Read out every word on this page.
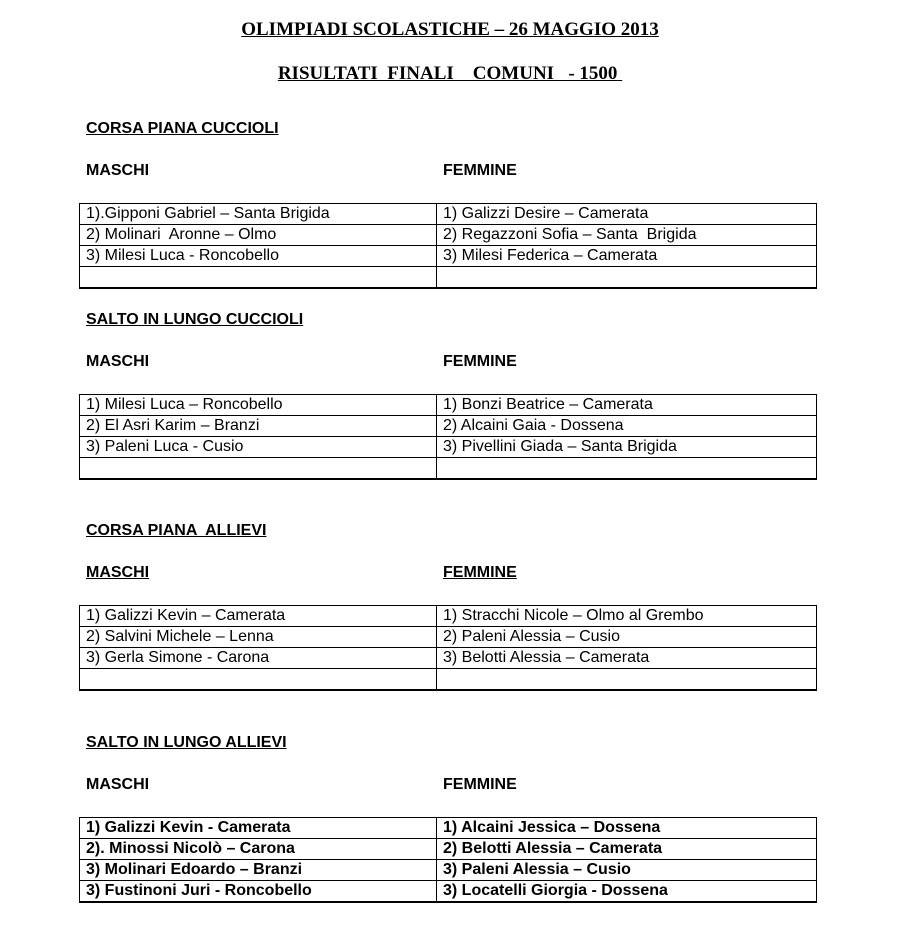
OLIMPIADI SCOLASTICHE – 26 MAGGIO 2013
RISULTATI  FINALI    COMUNI   - 1500
CORSA PIANA CUCCIOLI
MASCHI	FEMMINE
1).Gipponi Gabriel – Santa Brigida	1) Galizzi Desire – Camerata
2) Molinari  Aronne – Olmo	2) Regazzoni Sofia – Santa  Brigida
3) Milesi Luca - Roncobello	3) Milesi Federica – Camerata

SALTO IN LUNGO CUCCIOLI
MASCHI	FEMMINE
1) Milesi Luca – Roncobello	1) Bonzi Beatrice – Camerata
2) El Asri Karim – Branzi	2) Alcaini Gaia - Dossena
3) Paleni Luca - Cusio	3) Pivellini Giada – Santa Brigida

CORSA PIANA  ALLIEVI
MASCHI	FEMMINE
1) Galizzi Kevin – Camerata	1) Stracchi Nicole – Olmo al Grembo
2) Salvini Michele – Lenna	2) Paleni Alessia – Cusio
3) Gerla Simone - Carona	3) Belotti Alessia – Camerata

SALTO IN LUNGO ALLIEVI
MASCHI	FEMMINE
1) Galizzi Kevin - Camerata	1) Alcaini Jessica – Dossena
2). Minossi Nicolò – Carona	2) Belotti Alessia – Camerata
3) Molinari Edoardo – Branzi	3) Paleni Alessia – Cusio
3) Fustinoni Juri - Roncobello	3) Locatelli Giorgia - Dossena
